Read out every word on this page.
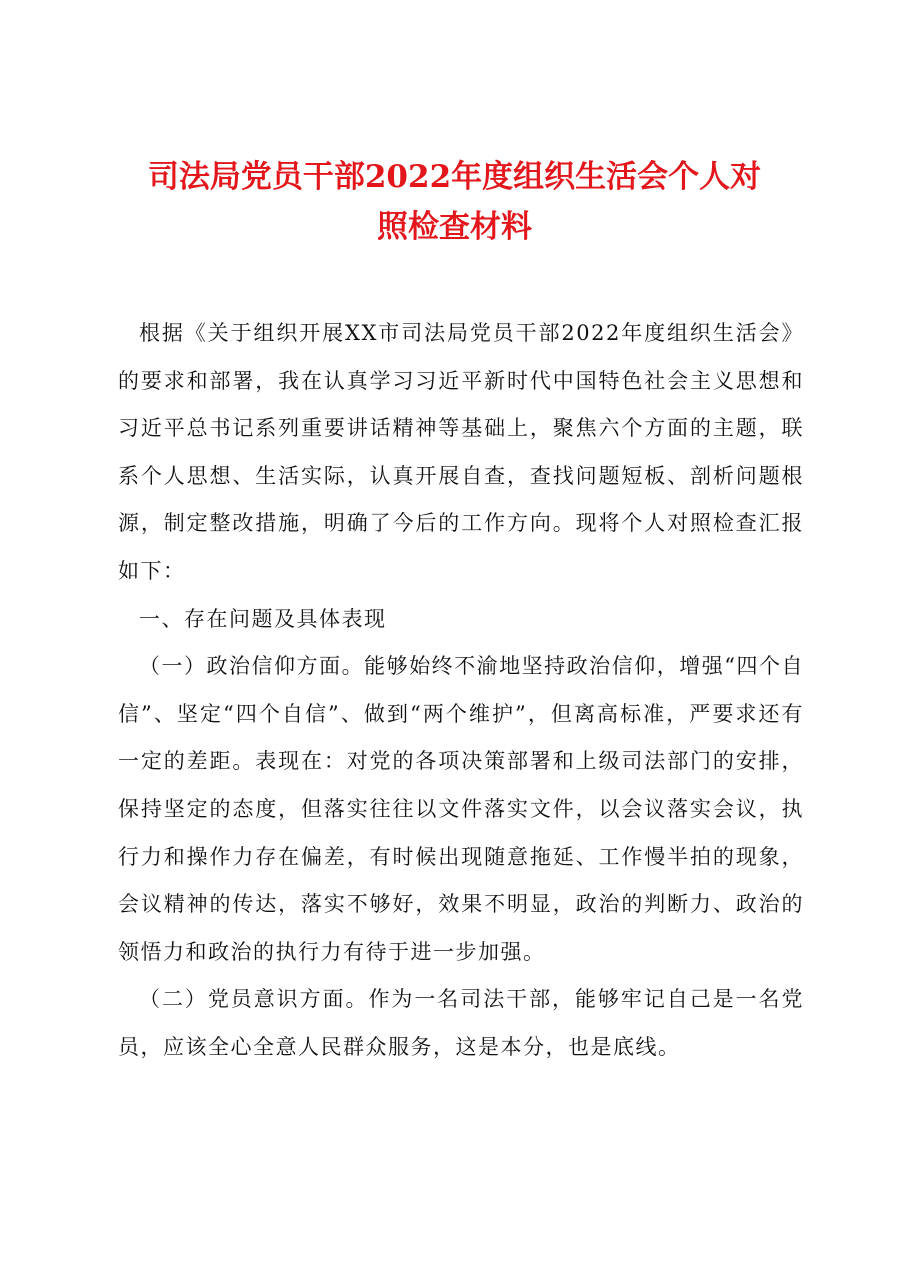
司法局党员干部2022年度组织生活会个人对
照检查材料

根据《关于组织开展XX市司法局党员干部2022年度组织生活会》的要求和部署，我在认真学习习近平新时代中国特色社会主义思想和习近平总书记系列重要讲话精神等基础上，聚焦六个方面的主题，联系个人思想、生活实际，认真开展自查，查找问题短板、剖析问题根源，制定整改措施，明确了今后的工作方向。现将个人对照检查汇报如下：

一、存在问题及具体表现

（一）政治信仰方面。能够始终不渝地坚持政治信仰，增强“四个自信”、坚定“四个自信”、做到“两个维护”，但离高标准，严要求还有一定的差距。表现在：对党的各项决策部署和上级司法部门的安排，保持坚定的态度，但落实往往以文件落实文件，以会议落实会议，执行力和操作力存在偏差，有时候出现随意拖延、工作慢半拍的现象，会议精神的传达，落实不够好，效果不明显，政治的判断力、政治的领悟力和政治的执行力有待于进一步加强。

（二）党员意识方面。作为一名司法干部，能够牢记自己是一名党员，应该全心全意人民群众服务，这是本分，也是底线。
